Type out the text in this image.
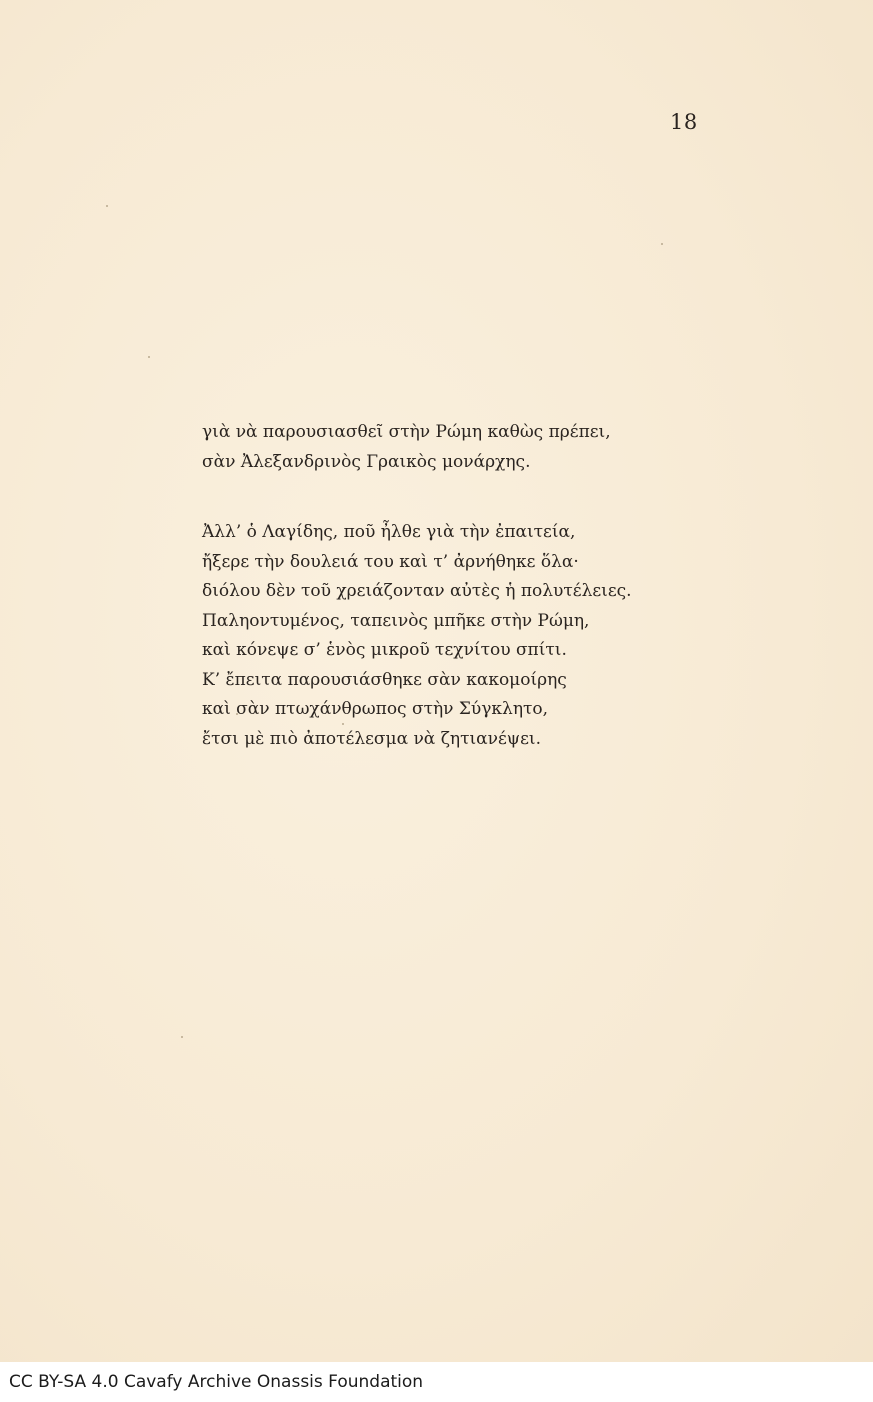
18
γιὰ νὰ παρουσιασθεῖ στὴν Ρώμη καθὼς πρέπει,
σὰν Ἀλεξανδρινὸς Γραικὸς μονάρχης.
Ἀλλ’ ὁ Λαγίδης, ποῦ ἦλθε γιὰ τὴν ἐπαιτεία,
ἤξερε τὴν δουλειά του καὶ τ’ ἀρνήθηκε ὅλα·
διόλου δὲν τοῦ χρειάζονταν αὐτὲς ἡ πολυτέλειες.
Παληοντυμένος, ταπεινὸς μπῆκε στὴν Ρώμη,
καὶ κόνεψε σ’ ἑνὸς μικροῦ τεχνίτου σπίτι.
Κ’ ἔπειτα παρουσιάσθηκε σὰν κακομοίρης
καὶ σὰν πτωχάνθρωπος στὴν Σύγκλητο,
ἔτσι μὲ πιὸ ἀποτέλεσμα νὰ ζητιανέψει.
CC BY-SA 4.0 Cavafy Archive Onassis Foundation
